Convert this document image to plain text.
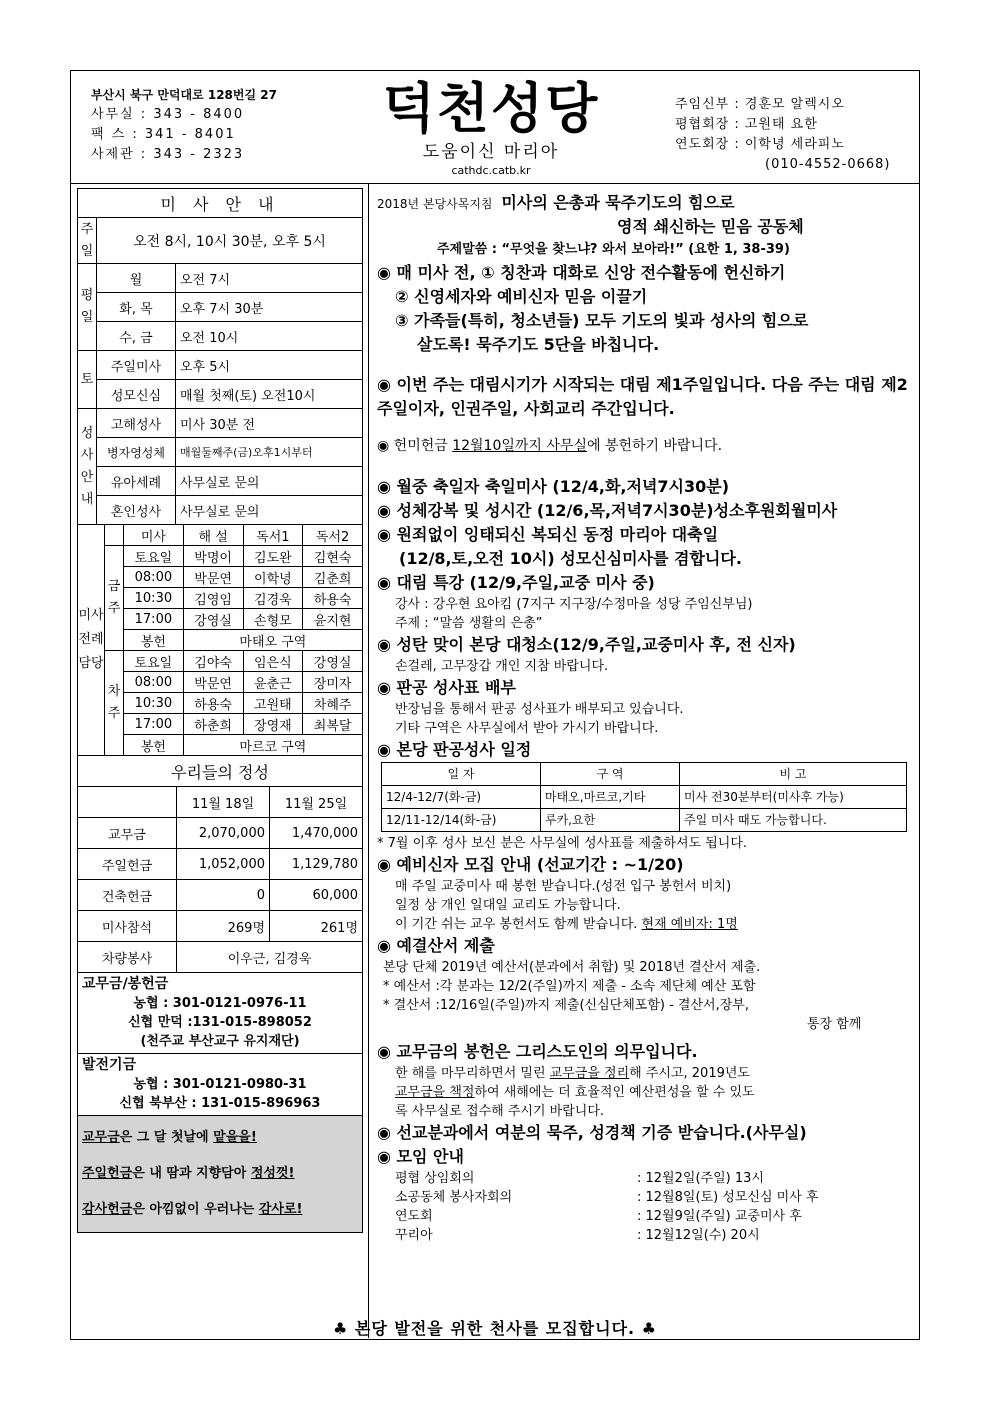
부산시 북구 만덕대로 128번길 27
사무실 : 343 - 8400
팩 스 : 341 - 8401
사제관 : 343 - 2323
덕천성당
도움이신 마리아
cathdc.catb.kr
주임신부 : 경훈모 알렉시오
평협회장 : 고원태 요한
연도회장 : 이학녕 세라피노
(010-4552-0668)
미 사 안 내		
주일	오전 8시, 10시 30분, 오후 5시	
평일	월	오전 7시
	화, 목	오후 7시 30분
	수, 금	오전 10시
토	주일미사	오후 5시
	성모신심	매월 첫째(토) 오전10시
성사안내	고해성사	미사 30분 전
	병자영성체	매월둘째주(금)오후1시부터
	유아세례	사무실로 문의
	혼인성사	사무실로 문의
미사전례담당		미사	해 설	독서1	독서2
	금주	토요일	박명이	김도완	김현숙
		08:00	박문연	이학녕	김춘희
		10:30	김영임	김경욱	하용숙
		17:00	강영실	손형모	윤지현
		봉헌	마태오 구역		
	차주	토요일	김야숙	임은식	강영실
		08:00	박문연	윤춘근	장미자
		10:30	하용숙	고원태	차혜주
		17:00	하춘희	장영재	최복달
		봉헌	마르코 구역		
우리들의 정성		
	11월 18일	11월 25일
교무금	2,070,000	1,470,000
주일헌금	1,052,000	1,129,780
건축헌금	0	60,000
미사참석	269명	261명
차량봉사	이우근, 김경욱	
교무금/봉헌금
농협 : 301-0121-0976-11
신협 만덕 :131-015-898052
(천주교 부산교구 유지재단)
발전기금
농협 : 301-0121-0980-31
신협 북부산 : 131-015-896963
교무금은 그 달 첫날에 맡을을!
주일헌금은 내 땀과 지향담아 정성껏!
감사헌금은 아낌없이 우러나는 감사로!
2018년 본당사목지침 미사의 은총과 묵주기도의 힘으로
영적 쇄신하는 믿음 공동체
주제말씀 : “무엇을 찾느냐? 와서 보아라!” (요한 1, 38-39)
◉ 매 미사 전, ① 칭찬과 대화로 신앙 전수활동에 헌신하기
② 신영세자와 예비신자 믿음 이끌기
③ 가족들(특히, 청소년들) 모두 기도의 빛과 성사의 힘으로
살도록! 묵주기도 5단을 바칩니다.
◉ 이번 주는 대림시기가 시작되는 대림 제1주일입니다. 다음 주는 대림 제2주일이자, 인권주일, 사회교리 주간입니다.
◉ 헌미헌금 12월10일까지 사무실에 봉헌하기 바랍니다.
◉ 월중 축일자 축일미사 (12/4,화,저녁7시30분)
◉ 성체강복 및 성시간 (12/6,목,저녁7시30분)성소후원회월미사
◉ 원죄없이 잉태되신 복되신 동정 마리아 대축일
(12/8,토,오전 10시) 성모신심미사를 겸합니다.
◉ 대림 특강 (12/9,주일,교중 미사 중)
강사 : 강우현 요아킴 (7지구 지구장/수정마을 성당 주임신부님)
주제 : “말씀 생활의 은총”
◉ 성탄 맞이 본당 대청소(12/9,주일,교중미사 후, 전 신자)
손걸레, 고무장갑 개인 지참 바랍니다.
◉ 판공 성사표 배부
반장님을 통해서 판공 성사표가 배부되고 있습니다.
기타 구역은 사무실에서 받아 가시기 바랍니다.
◉ 본당 판공성사 일정
일 자	구 역	비 고
12/4-12/7(화-금)	마태오,마르코,기타	미사 전30분부터(미사후 가능)
12/11-12/14(화-금)	루카,요한	주일 미사 때도 가능합니다.
* 7월 이후 성사 보신 분은 사무실에 성사표를 제출하셔도 됩니다.
◉ 예비신자 모집 안내 (선교기간 : ~1/20)
매 주일 교중미사 때 봉헌 받습니다.(성전 입구 봉헌서 비치)
일정 상 개인 일대일 교리도 가능합니다.
이 기간 쉬는 교우 봉헌서도 함께 받습니다. 현재 예비자: 1명
◉ 예결산서 제출
본당 단체 2019년 예산서(분과에서 취합) 및 2018년 결산서 제출.
* 예산서 :각 분과는 12/2(주일)까지 제출 - 소속 제단체 예산 포함
* 결산서 :12/16일(주일)까지 제출(신심단체포함) - 결산서,장부,
통장 함께
◉ 교무금의 봉헌은 그리스도인의 의무입니다.
한 해를 마무리하면서 밀린 교무금을 정리해 주시고, 2019년도
교무금을 책정하여 새해에는 더 효율적인 예산편성을 할 수 있도
록 사무실로 접수해 주시기 바랍니다.
◉ 선교분과에서 여분의 묵주, 성경책 기증 받습니다.(사무실)
◉ 모임 안내
평협 상임회의	: 12월2일(주일) 13시
소공동체 봉사자회의	: 12월8일(토) 성모신심 미사 후
연도회	: 12월9일(주일) 교중미사 후
꾸리아	: 12월12일(수) 20시
♣ 본당 발전을 위한 천사를 모집합니다. ♣
